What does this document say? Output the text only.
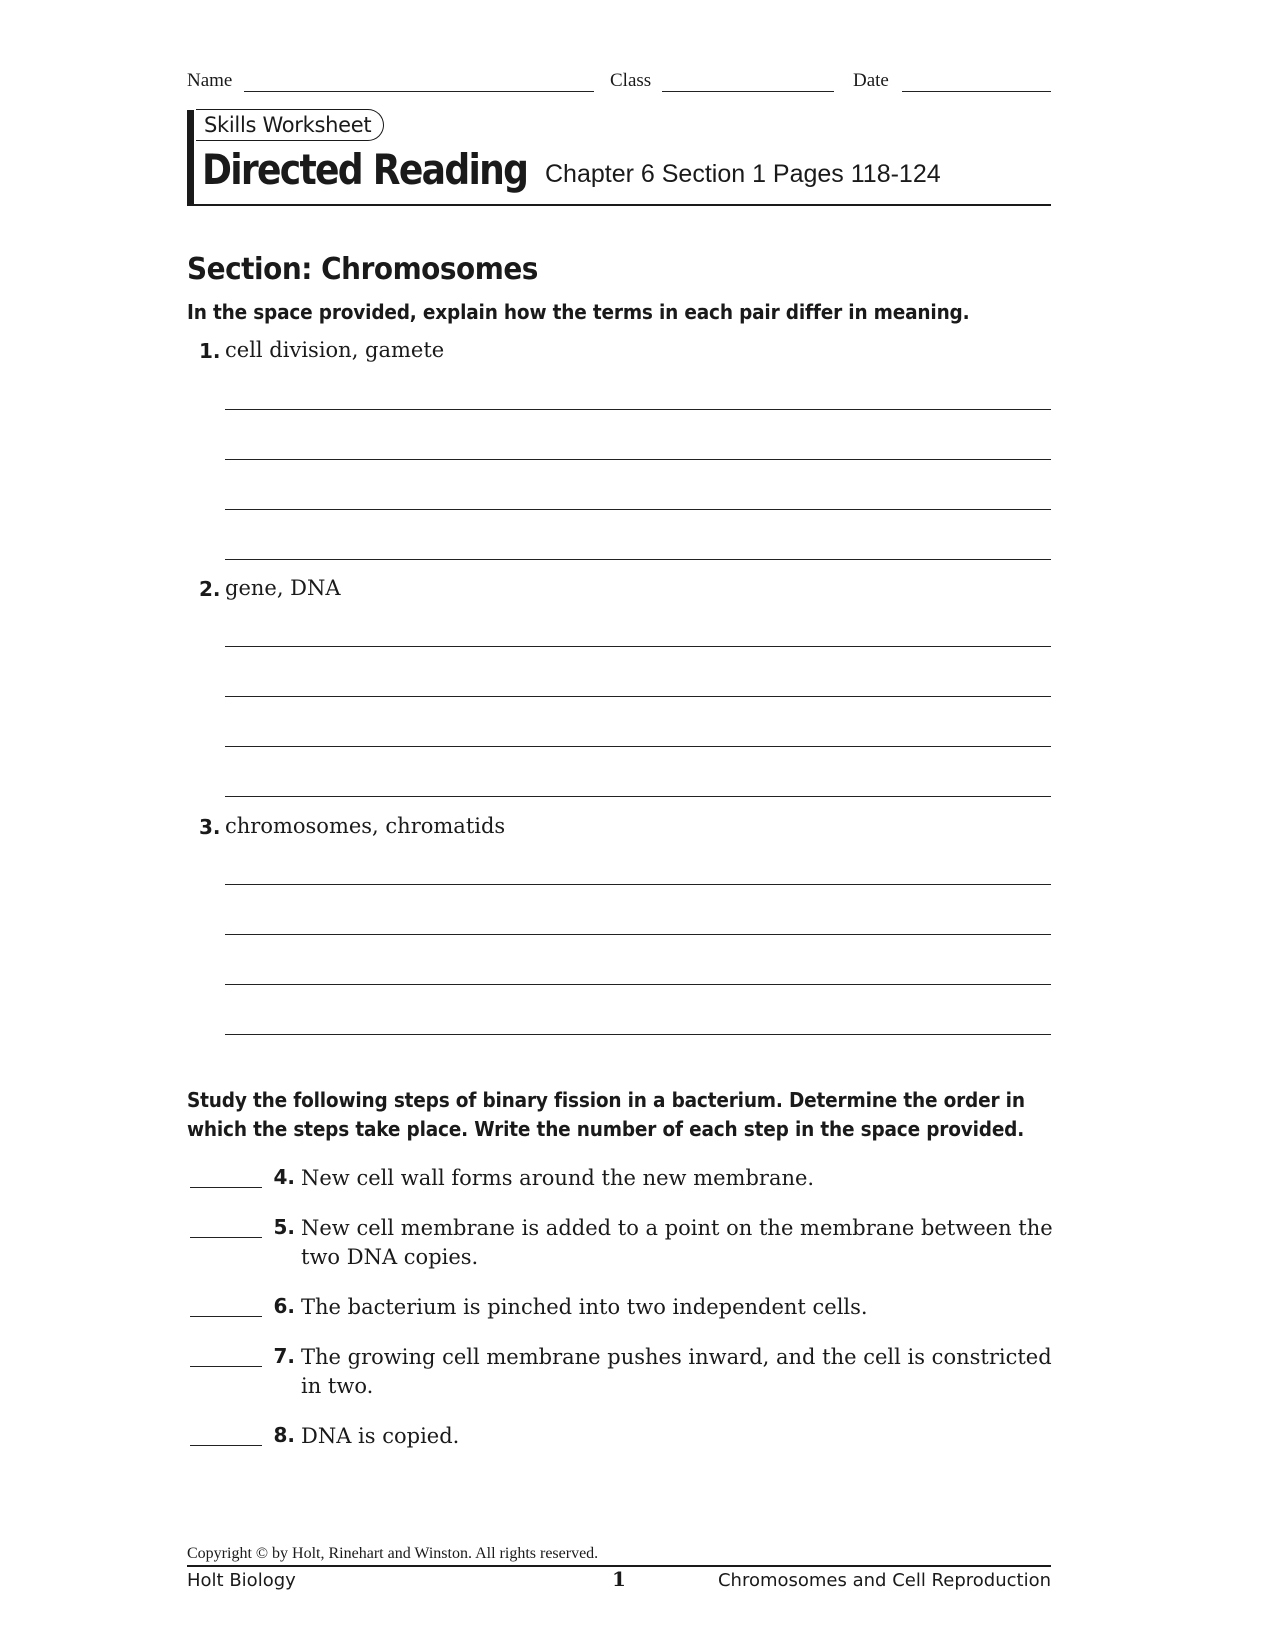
Name	Class	Date
Skills Worksheet
Directed Reading Chapter 6 Section 1 Pages 118-124
Section: Chromosomes
In the space provided, explain how the terms in each pair differ in meaning.
1. cell division, gamete
2. gene, DNA
3. chromosomes, chromatids
Study the following steps of binary fission in a bacterium. Determine the order in
which the steps take place. Write the number of each step in the space provided.
4. New cell wall forms around the new membrane.
5. New cell membrane is added to a point on the membrane between the
two DNA copies.
6. The bacterium is pinched into two independent cells.
7. The growing cell membrane pushes inward, and the cell is constricted
in two.
8. DNA is copied.
Copyright © by Holt, Rinehart and Winston. All rights reserved.
Holt Biology	1	Chromosomes and Cell Reproduction
